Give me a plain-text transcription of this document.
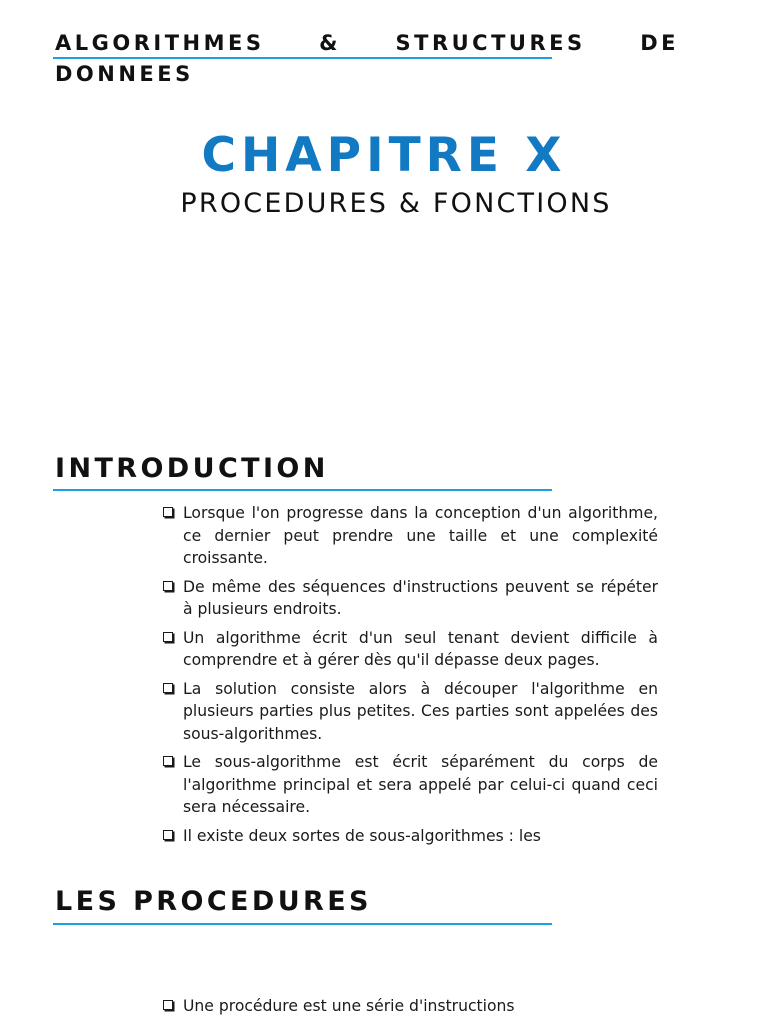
ALGORITHMES & STRUCTURES DE DONNEES
CHAPITRE X
PROCEDURES & FONCTIONS
INTRODUCTION
Lorsque l'on progresse dans la conception d'un algorithme, ce dernier peut prendre une taille et une complexité croissante.
De même des séquences d'instructions peuvent se répéter à plusieurs endroits.
Un algorithme écrit d'un seul tenant devient difficile à comprendre et à gérer dès qu'il dépasse deux pages.
La solution consiste alors à découper l'algorithme en plusieurs parties plus petites. Ces parties sont appelées des sous-algorithmes.
Le sous-algorithme est écrit séparément du corps de l'algorithme principal et sera appelé par celui-ci quand ceci sera nécessaire.
Il existe deux sortes de sous-algorithmes : les
LES PROCEDURES
Une procédure est une série d'instructions
